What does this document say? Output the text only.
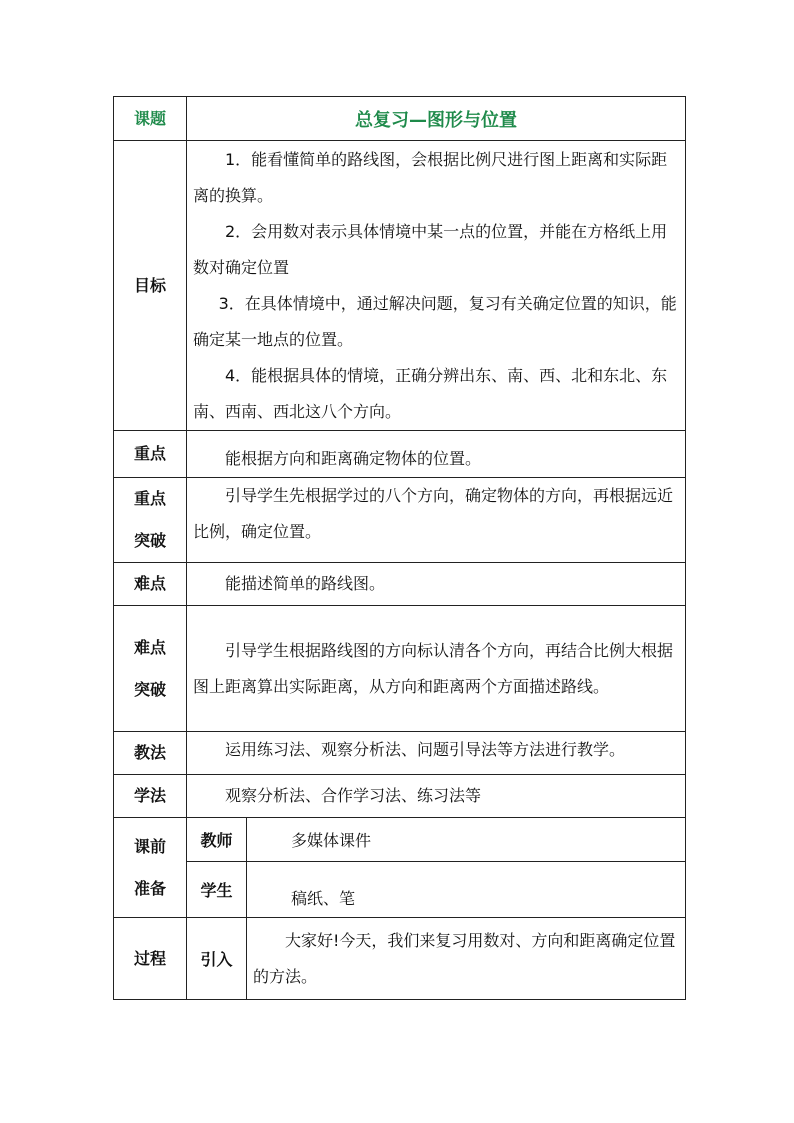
课题	总复习—图形与位置	
目标	1．能看懂简单的路线图，会根据比例尺进行图上距离和实际距离的换算。

2．会用数对表示具体情境中某一点的位置，并能在方格纸上用数对确定位置

3．在具体情境中，通过解决问题，复习有关确定位置的知识，能确定某一地点的位置。

4．能根据具体的情境，正确分辨出东、南、西、北和东北、东南、西南、西北这八个方向。	

重点	能根据方向和距离确定物体的位置。	

重点
突破	引导学生先根据学过的八个方向，确定物体的方向，再根据远近比例，确定位置。	

难点	能描述简单的路线图。	

难点
突破	引导学生根据路线图的方向标认清各个方向，再结合比例大根据图上距离算出实际距离，从方向和距离两个方面描述路线。	

教法	运用练习法、观察分析法、问题引导法等方法进行教学。	

学法	观察分析法、合作学习法、练习法等	

课前
准备	教师	多媒体课件
	学生	稿纸、笔
过程	引入	大家好!今天，我们来复习用数对、方向和距离确定位置的方法。
